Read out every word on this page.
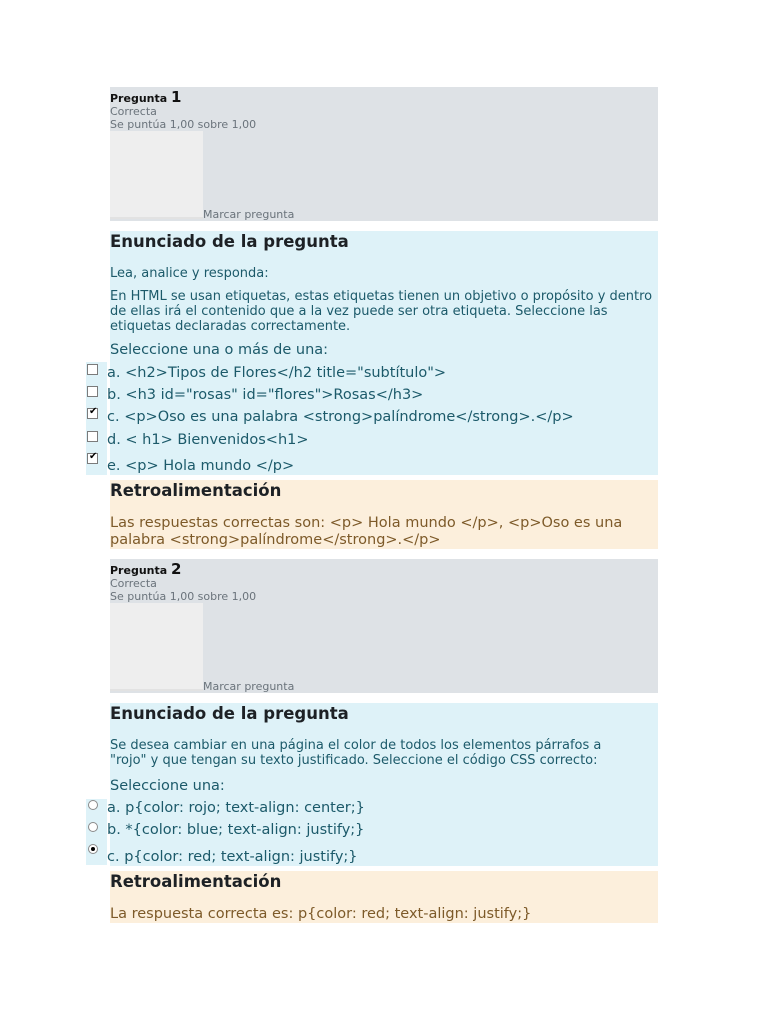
Pregunta 1
Correcta
Se puntúa 1,00 sobre 1,00
Marcar pregunta
Enunciado de la pregunta
Lea, analice y responda:
En HTML se usan etiquetas, estas etiquetas tienen un objetivo o propósito y dentro de ellas irá el contenido que a la vez puede ser otra etiqueta. Seleccione las etiquetas declaradas correctamente.
Seleccione una o más de una:
a. <h2>Tipos de Flores</h2 title="subtítulo">
b. <h3 id="rosas" id="flores">Rosas</h3>
✔ c. <p>Oso es una palabra <strong>palíndrome</strong>.</p>
d. < h1> Bienvenidos<h1>
✔
e. <p> Hola mundo </p>
Retroalimentación
Las respuestas correctas son: <p> Hola mundo </p>, <p>Oso es una
palabra <strong>palíndrome</strong>.</p>
Pregunta 2
Correcta
Se puntúa 1,00 sobre 1,00
Marcar pregunta
Enunciado de la pregunta
Se desea cambiar en una página el color de todos los elementos párrafos a "rojo" y que tengan su texto justificado. Seleccione el código CSS correcto:
Seleccione una:
a. p{color: rojo; text-align: center;}
b. *{color: blue; text-align: justify;}
c. p{color: red; text-align: justify;}
Retroalimentación
La respuesta correcta es: p{color: red; text-align: justify;}
